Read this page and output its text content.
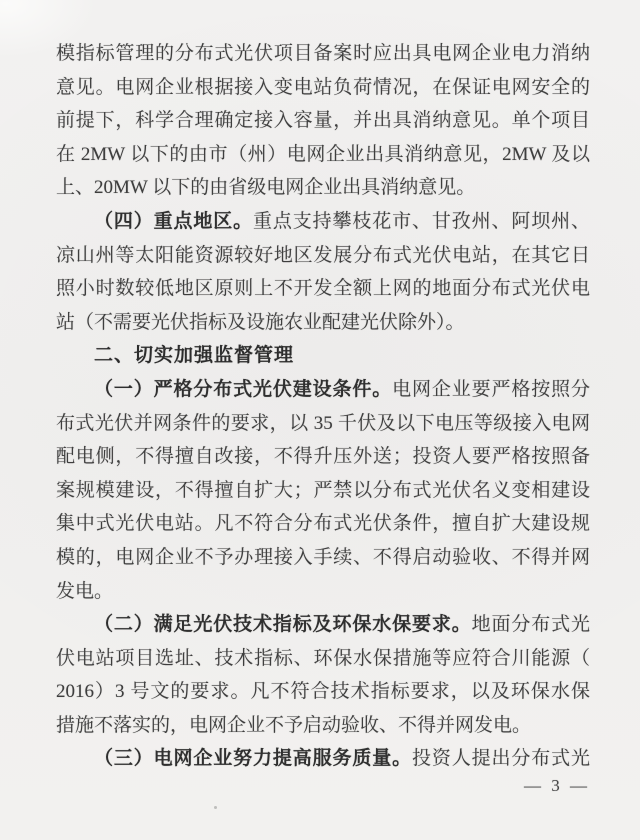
模指标管理的分布式光伏项目备案时应出具电网企业电力消纳
意见。电网企业根据接入变电站负荷情况，在保证电网安全的
前提下，科学合理确定接入容量，并出具消纳意见。单个项目
在 2MW 以下的由市（州）电网企业出具消纳意见，2MW 及以
上、20MW 以下的由省级电网企业出具消纳意见。
（四）重点地区。重点支持攀枝花市、甘孜州、阿坝州、
凉山州等太阳能资源较好地区发展分布式光伏电站，在其它日
照小时数较低地区原则上不开发全额上网的地面分布式光伏电
站（不需要光伏指标及设施农业配建光伏除外）。
二、切实加强监督管理
（一）严格分布式光伏建设条件。电网企业要严格按照分
布式光伏并网条件的要求，以 35 千伏及以下电压等级接入电网
配电侧，不得擅自改接，不得升压外送；投资人要严格按照备
案规模建设，不得擅自扩大；严禁以分布式光伏名义变相建设
集中式光伏电站。凡不符合分布式光伏条件，擅自扩大建设规
模的，电网企业不予办理接入手续、不得启动验收、不得并网
发电。
（二）满足光伏技术指标及环保水保要求。地面分布式光
伏电站项目选址、技术指标、环保水保措施等应符合川能源（
2016）3 号文的要求。凡不符合技术指标要求，以及环保水保
措施不落实的，电网企业不予启动验收、不得并网发电。
（三）电网企业努力提高服务质量。投资人提出分布式光
— 3 —
